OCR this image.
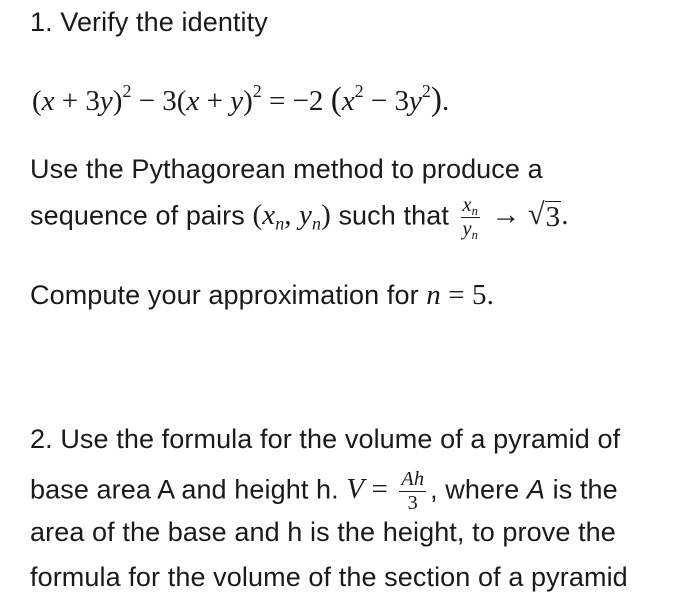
1. Verify the identity
$(x + 3y)^2 - 3(x + y)^2 = -2$ $(x^2 - 3y^2)$.
Use the Pythagorean method to produce a
sequence of pairs ($x_n$, $y_n$) such that $\frac{x_n}{y_n}$ → √ 3 .
Compute your approximation for n = 5.
2. Use the formula for the volume of a pyramid of
base area A and height h. $V = \frac{Ah}{3}$ , where A is the
area of the base and h is the height, to prove the
formula for the volume of the section of a pyramid
